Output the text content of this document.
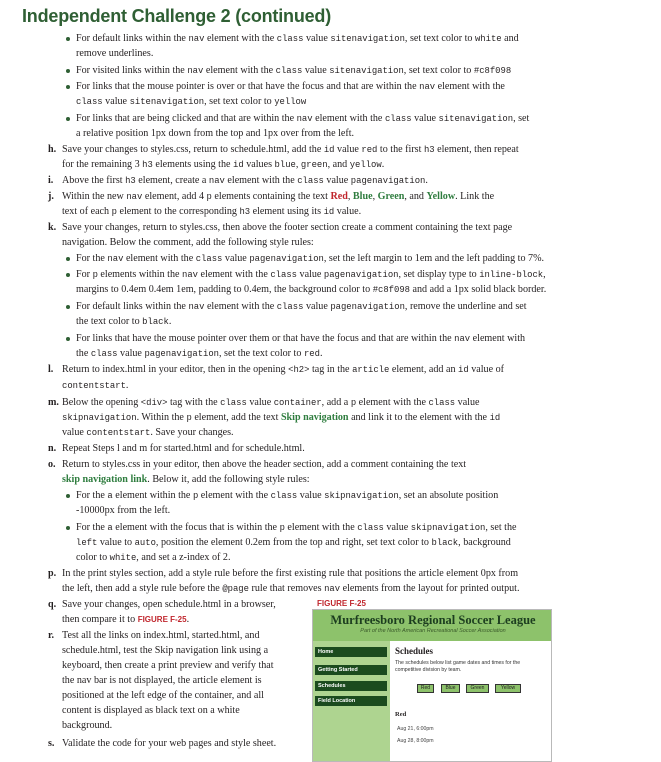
Independent Challenge 2 (continued)
For default links within the nav element with the class value sitenavigation, set text color to white and
remove underlines.
For visited links within the nav element with the class value sitenavigation, set text color to #c8f098
For links that the mouse pointer is over or that have the focus and that are within the nav element with the
class value sitenavigation, set text color to yellow
For links that are being clicked and that are within the nav element with the class value sitenavigation, set
a relative position 1px down from the top and 1px over from the left.
h. Save your changes to styles.css, return to schedule.html, add the id value red to the first h3 element, then repeat
for the remaining 3 h3 elements using the id values blue, green, and yellow.
i. Above the first h3 element, create a nav element with the class value pagenavigation.
j. Within the new nav element, add 4 p elements containing the text Red, Blue, Green, and Yellow. Link the
text of each p element to the corresponding h3 element using its id value.
k. Save your changes, return to styles.css, then above the footer section create a comment containing the text page
navigation. Below the comment, add the following style rules:
For the nav element with the class value pagenavigation, set the left margin to 1em and the left padding to 7%.
For p elements within the nav element with the class value pagenavigation, set display type to inline-block,
margins to 0.4em 0.4em 1em, padding to 0.4em, the background color to #c8f098 and add a 1px solid black border.
For default links within the nav element with the class value pagenavigation, remove the underline and set
the text color to black.
For links that have the mouse pointer over them or that have the focus and that are within the nav element with
the class value pagenavigation, set the text color to red.
l. Return to index.html in your editor, then in the opening <h2> tag in the article element, add an id value of
contentstart.
m. Below the opening <div> tag with the class value container, add a p element with the class value
skipnavigation. Within the p element, add the text Skip navigation and link it to the element with the id
value contentstart. Save your changes.
n. Repeat Steps l and m for started.html and for schedule.html.
o. Return to styles.css in your editor, then above the header section, add a comment containing the text
skip navigation link. Below it, add the following style rules:
For the a element within the p element with the class value skipnavigation, set an absolute position
-10000px from the left.
For the a element with the focus that is within the p element with the class value skipnavigation, set the
left value to auto, position the element 0.2em from the top and right, set text color to black, background
color to white, and set a z-index of 2.
p. In the print styles section, add a style rule before the first existing rule that positions the article element 0px from
the left, then add a style rule before the @page rule that removes nav elements from the layout for printed output.
q. Save your changes, open schedule.html in a browser,
then compare it to FIGURE F-25.
r. Test all the links on index.html, started.html, and
schedule.html, test the Skip navigation link using a
keyboard, then create a print preview and verify that
the nav bar is not displayed, the article element is
positioned at the left edge of the container, and all
content is displayed as black text on a white
background.
s. Validate the code for your web pages and style sheet.
FIGURE F-25
Murfreesboro Regional Soccer League
Part of the North American Recreational Soccer Association
Home
Getting Started
Schedules
Field Location
Schedules
The schedules below list game dates and times for the competitive division by team.
Red	Blue	Green	Yellow
Red
Aug 21, 6:00pm
Aug 28, 8:00pm
